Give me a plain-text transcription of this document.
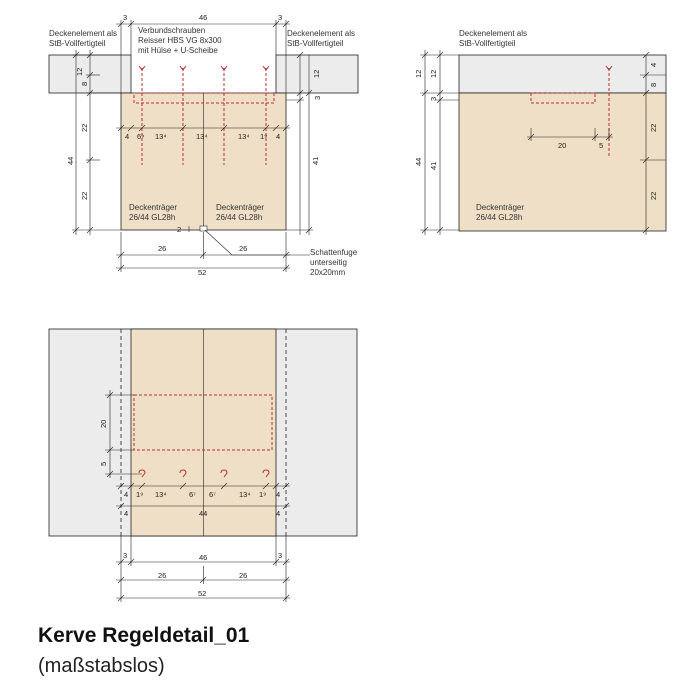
Deckenelement als
StB-Vollfertigteil
Verbundschrauben
Reisser HBS VG 8x300
mit Hülse + U-Scheibe
Deckenelement als
StB-Vollfertigteil
Deckenträger
26/44 GL28h
Deckenträger
26/44 GL28h
Schattenfuge
unterseitig
20x20mm
3	46	3
12
8
22
22
44	41
12
3
4 6⁹ 13⁴	13⁴	13⁴ 1⁹ 4
26	26
52
2
Deckenelement als
StB-Vollfertigteil
Deckenträger
26/44 GL28h
12
3
41
44
12
4
8
22
22
20	5
20
5
4 1⁹ 13⁴	6⁷ 6⁷	13⁴ 1⁹ 4
4	44	4
3	46	3
26	26
52
Kerve Regeldetail_01
(maßstabslos)
